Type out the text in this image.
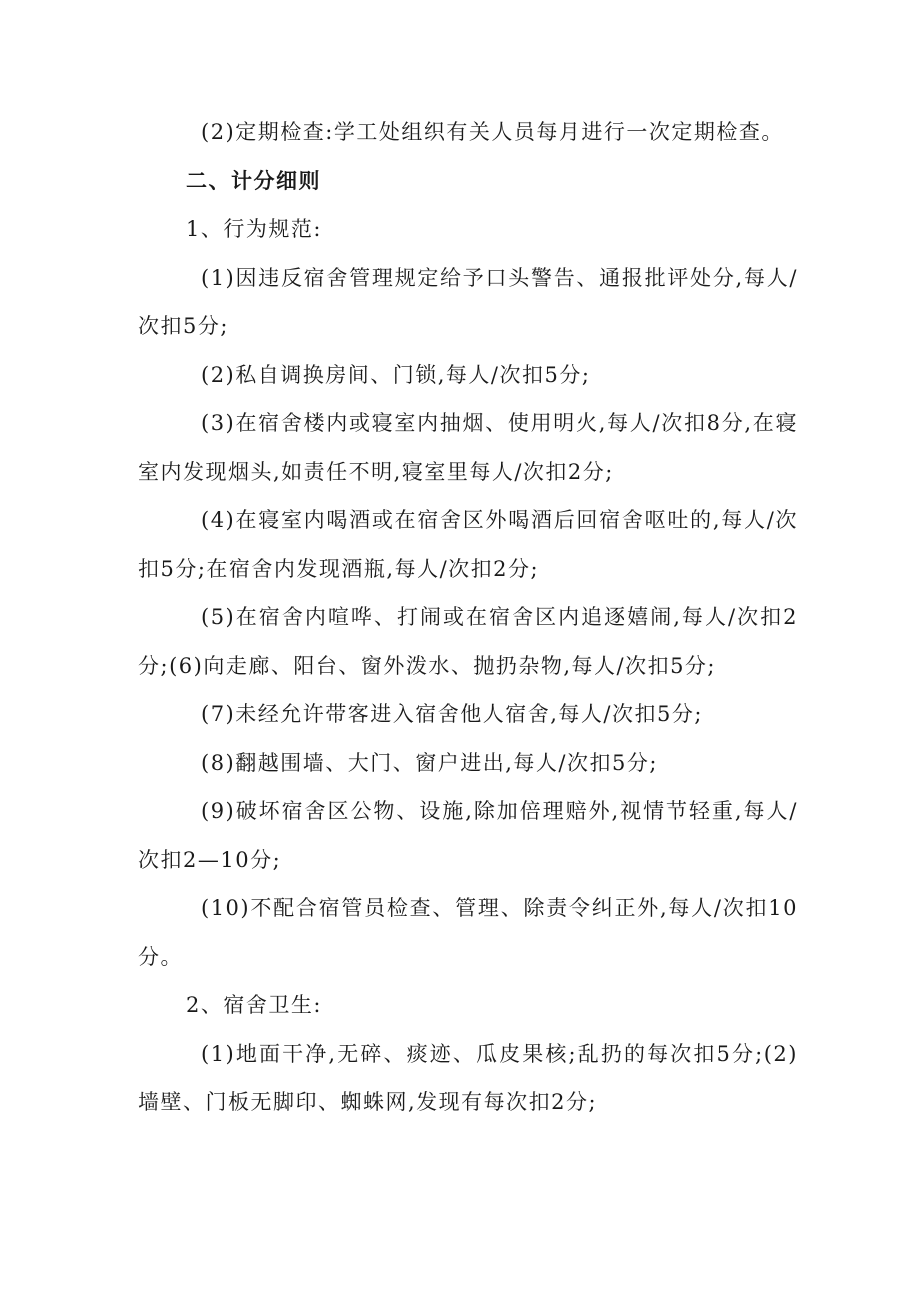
(2)定期检查:学工处组织有关人员每月进行一次定期检查。

二、计分细则

1、行为规范:

(1)因违反宿舍管理规定给予口头警告、通报批评处分,每人/次扣5分;

(2)私自调换房间、门锁,每人/次扣5分;

(3)在宿舍楼内或寝室内抽烟、使用明火,每人/次扣8分,在寝室内发现烟头,如责任不明,寝室里每人/次扣2分;

(4)在寝室内喝酒或在宿舍区外喝酒后回宿舍呕吐的,每人/次扣5分;在宿舍内发现酒瓶,每人/次扣2分;

(5)在宿舍内喧哗、打闹或在宿舍区内追逐嬉闹,每人/次扣2分;(6)向走廊、阳台、窗外泼水、抛扔杂物,每人/次扣5分;

(7)未经允许带客进入宿舍他人宿舍,每人/次扣5分;

(8)翻越围墙、大门、窗户进出,每人/次扣5分;

(9)破坏宿舍区公物、设施,除加倍理赔外,视情节轻重,每人/次扣2—10分;

(10)不配合宿管员检查、管理、除责令纠正外,每人/次扣10分。

2、宿舍卫生:

(1)地面干净,无碎、痰迹、瓜皮果核;乱扔的每次扣5分;(2)墙壁、门板无脚印、蜘蛛网,发现有每次扣2分;
